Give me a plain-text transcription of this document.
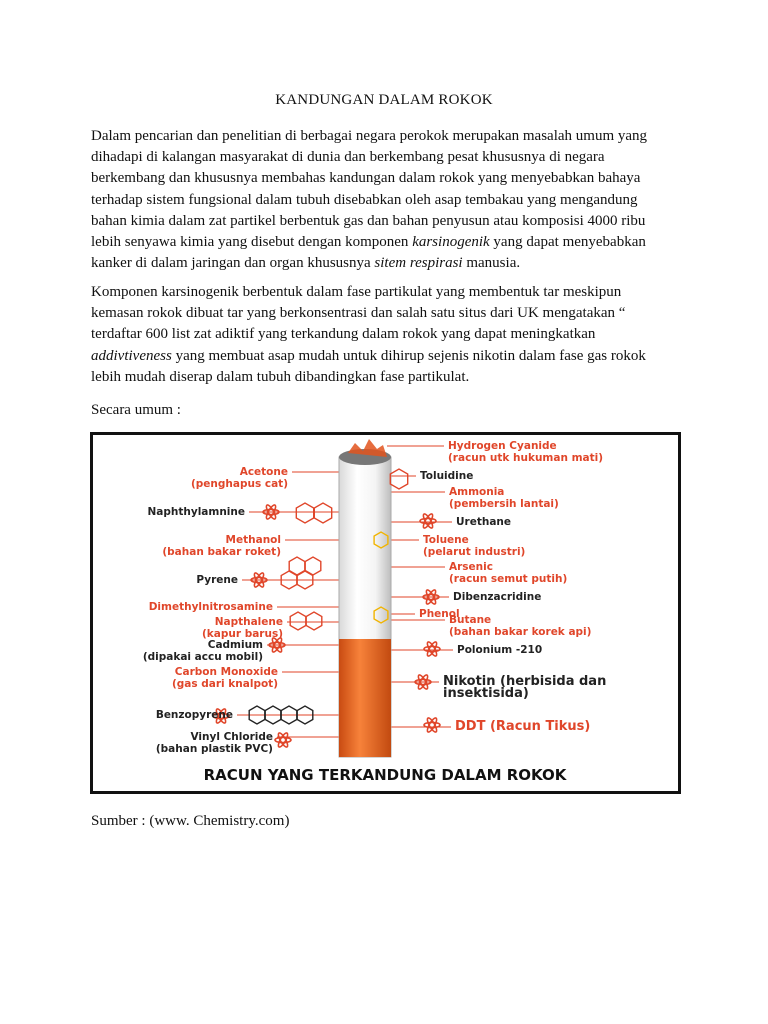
KANDUNGAN DALAM ROKOK
Dalam pencarian dan penelitian di berbagai negara perokok merupakan masalah umum yang
dihadapi di kalangan masyarakat di dunia dan berkembang pesat khususnya di negara
berkembang dan khususnya membahas kandungan dalam rokok yang menyebabkan bahaya
terhadap sistem fungsional dalam tubuh disebabkan oleh asap tembakau yang mengandung
bahan kimia dalam zat partikel berbentuk gas dan bahan penyusun atau komposisi 4000 ribu
lebih senyawa kimia yang disebut dengan komponen karsinogenik yang dapat menyebabkan
kanker di dalam jaringan dan organ khususnya sitem respirasi manusia.
Komponen karsinogenik berbentuk dalam fase partikulat yang membentuk tar meskipun
kemasan rokok dibuat tar yang berkonsentrasi dan salah satu situs dari UK mengatakan “
terdaftar 600 list zat adiktif yang terkandung dalam rokok yang dapat meningkatkan
addivtiveness yang membuat asap mudah untuk dihirup sejenis nikotin dalam fase gas rokok
lebih mudah diserap dalam tubuh dibandingkan fase partikulat.
Secara umum :
Acetone
(penghapus cat)
Naphthylamnine
Methanol
(bahan bakar roket)
Pyrene
Dimethylnitrosamine
Napthalene
(kapur barus)
Cadmium
(dipakai accu mobil)
Carbon Monoxide
(gas dari knalpot)
Benzopyrene
Vinyl Chloride
(bahan plastik PVC)
Hydrogen Cyanide
(racun utk hukuman mati)
Toluidine
Ammonia
(pembersih lantai)
Urethane
Toluene
(pelarut industri)
Arsenic
(racun semut putih)
Dibenzacridine
Phenol
Butane
(bahan bakar korek api)
Polonium -210
Nikotin (herbisida dan
insektisida)
DDT (Racun Tikus)
RACUN YANG TERKANDUNG DALAM ROKOK
Sumber : (www. Chemistry.com)
